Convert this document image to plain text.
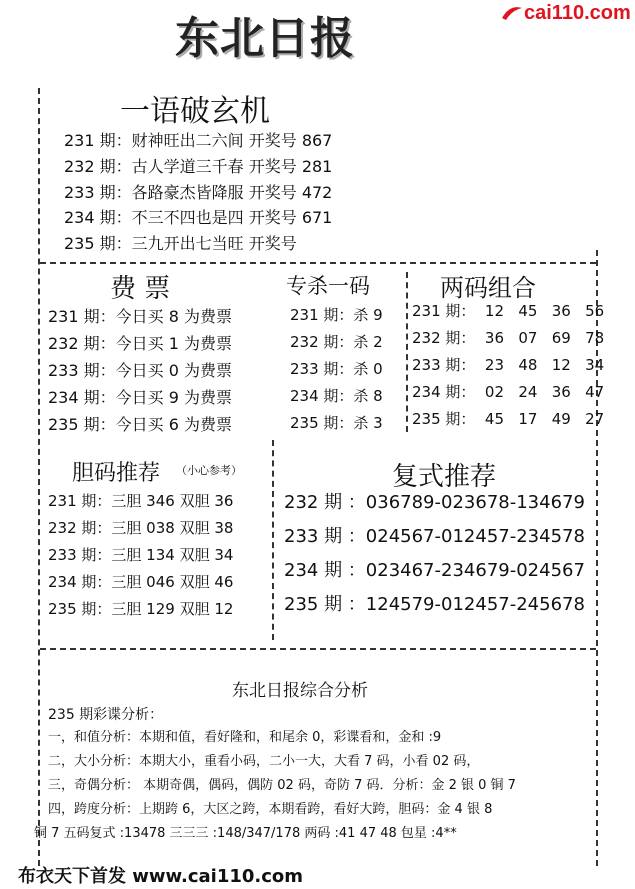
东北日报	cai110.com
一语破玄机
231 期：财神旺出二六间 开奖号 867
232 期：古人学道三千春 开奖号 281
233 期：各路豪杰皆降服 开奖号 472
234 期：不三不四也是四 开奖号 671
235 期：三九开出七当旺 开奖号
费 票
231 期：今日买 8 为费票
232 期：今日买 1 为费票
233 期：今日买 0 为费票
234 期：今日买 9 为费票
235 期：今日买 6 为费票
专杀一码
231 期：杀 9
232 期：杀 2
233 期：杀 0
234 期：杀 8
235 期：杀 3
两码组合
231 期：  12   45   36   56
232 期：  36   07   69   78
233 期：  23   48   12   34
234 期：  02   24   36   47
235 期：  45   17   49   27
胆码推荐 （小心参考）
231 期：三胆 346 双胆 36
232 期：三胆 038 双胆 38
233 期：三胆 134 双胆 34
234 期：三胆 046 双胆 46
235 期：三胆 129 双胆 12
复式推荐
232 期 ：036789-023678-134679
233 期 ：024567-012457-234578
234 期 ：023467-234679-024567
235 期 ：124579-012457-245678
东北日报综合分析
235 期彩谍分析：
一，和值分析：本期和值，看好隆和，和尾余 0，彩谍看和，金和 :9
二，大小分析：本期大小，重看小码，二小一大，大看 7 码，小看 02 码，
三，奇偶分析： 本期奇偶，偶码，偶防 02 码，奇防 7 码．分析：金 2 银 0 铜 7
四，跨度分析：上期跨 6，大区之跨，本期看跨，看好大跨，胆码：金 4 银 8
铜 7 五码复式 :13478 三三三 :148/347/178 两码 :41 47 48 包星 :4**
布衣天下首发 www.cai110.com
